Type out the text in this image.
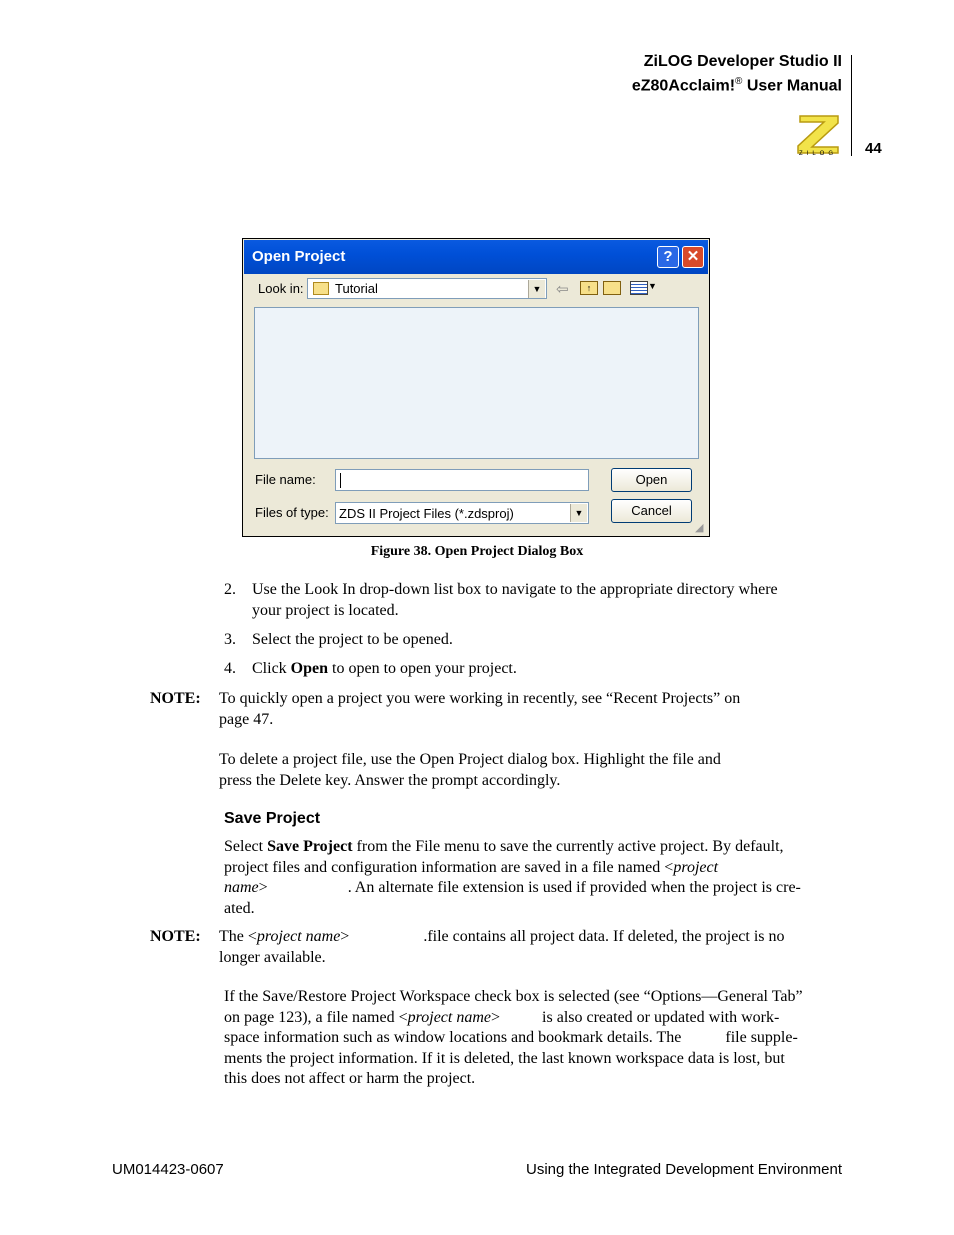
ZiLOG Developer Studio II
eZ80Acclaim!® User Manual
ZILOG 44
Open Project	? ✕
Look in: Tutorial	▼ ⇦	↑	▼
File name:	Open
Files of type: ZDS II Project Files (*.zdsproj)	▼	Cancel
◢
Figure 38. Open Project Dialog Box
2. Use the Look In drop-down list box to navigate to the appropriate directory where
your project is located.
3. Select the project to be opened.
4. Click Open to open to open your project.
NOTE: To quickly open a project you were working in recently, see “Recent Projects” on
page 47.
To delete a project file, use the Open Project dialog box. Highlight the file and
press the Delete key. Answer the prompt accordingly.
Save Project
Select Save Project from the File menu to save the currently active project. By default,
project files and configuration information are saved in a file named <project
name>	. An alternate file extension is used if provided when the project is cre-
ated.
NOTE: The <project name>	.file contains all project data. If deleted, the project is no
longer available.
If the Save/Restore Project Workspace check box is selected (see “Options—General Tab”
on page 123), a file named <project name>	is also created or updated with work-
space information such as window locations and bookmark details. The	file supple-
ments the project information. If it is deleted, the last known workspace data is lost, but
this does not affect or harm the project.
UM014423-0607	Using the Integrated Development Environment
